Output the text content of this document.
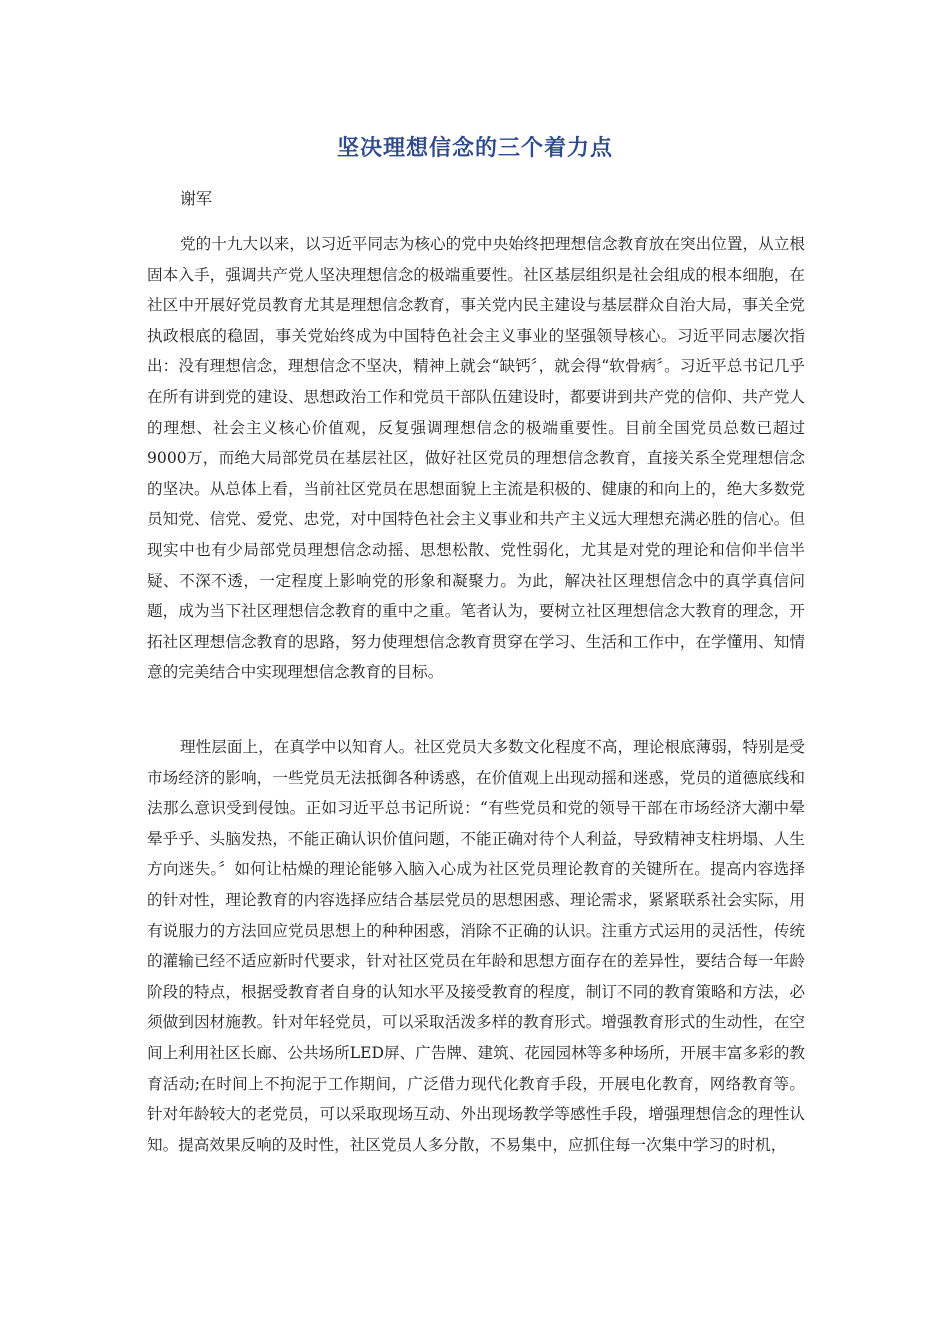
坚决理想信念的三个着力点
谢军

党的十九大以来，以习近平同志为核心的党中央始终把理想信念教育放在突出位置，从立根固本入手，强调共产党人坚决理想信念的极端重要性。社区基层组织是社会组成的根本细胞，在社区中开展好党员教育尤其是理想信念教育，事关党内民主建设与基层群众自治大局，事关全党执政根底的稳固，事关党始终成为中国特色社会主义事业的坚强领导核心。习近平同志屡次指出：没有理想信念，理想信念不坚决，精神上就会“缺钙〞，就会得“软骨病〞。习近平总书记几乎在所有讲到党的建设、思想政治工作和党员干部队伍建设时，都要讲到共产党的信仰、共产党人的理想、社会主义核心价值观，反复强调理想信念的极端重要性。目前全国党员总数已超过9000万，而绝大局部党员在基层社区，做好社区党员的理想信念教育，直接关系全党理想信念的坚决。从总体上看，当前社区党员在思想面貌上主流是积极的、健康的和向上的，绝大多数党员知党、信党、爱党、忠党，对中国特色社会主义事业和共产主义远大理想充满必胜的信心。但现实中也有少局部党员理想信念动摇、思想松散、党性弱化，尤其是对党的理论和信仰半信半疑、不深不透，一定程度上影响党的形象和凝聚力。为此，解决社区理想信念中的真学真信问题，成为当下社区理想信念教育的重中之重。笔者认为，要树立社区理想信念大教育的理念，开拓社区理想信念教育的思路，努力使理想信念教育贯穿在学习、生活和工作中，在学懂用、知情意的完美结合中实现理想信念教育的目标。

理性层面上，在真学中以知育人。社区党员大多数文化程度不高，理论根底薄弱，特别是受市场经济的影响，一些党员无法抵御各种诱惑，在价值观上出现动摇和迷惑，党员的道德底线和法那么意识受到侵蚀。正如习近平总书记所说：“有些党员和党的领导干部在市场经济大潮中晕晕乎乎、头脑发热，不能正确认识价值问题，不能正确对待个人利益，导致精神支柱坍塌、人生方向迷失。〞如何让枯燥的理论能够入脑入心成为社区党员理论教育的关键所在。提高内容选择的针对性，理论教育的内容选择应结合基层党员的思想困惑、理论需求，紧紧联系社会实际，用有说服力的方法回应党员思想上的种种困惑，消除不正确的认识。注重方式运用的灵活性，传统的灌输已经不适应新时代要求，针对社区党员在年龄和思想方面存在的差异性，要结合每一年龄阶段的特点，根据受教育者自身的认知水平及接受教育的程度，制订不同的教育策略和方法，必须做到因材施教。针对年轻党员，可以采取活泼多样的教育形式。增强教育形式的生动性，在空间上利用社区长廊、公共场所LED屏、广告牌、建筑、花园园林等多种场所，开展丰富多彩的教育活动;在时间上不拘泥于工作期间，广泛借力现代化教育手段，开展电化教育，网络教育等。针对年龄较大的老党员，可以采取现场互动、外出现场教学等感性手段，增强理想信念的理性认知。提高效果反响的及时性，社区党员人多分散，不易集中，应抓住每一次集中学习的时机，
